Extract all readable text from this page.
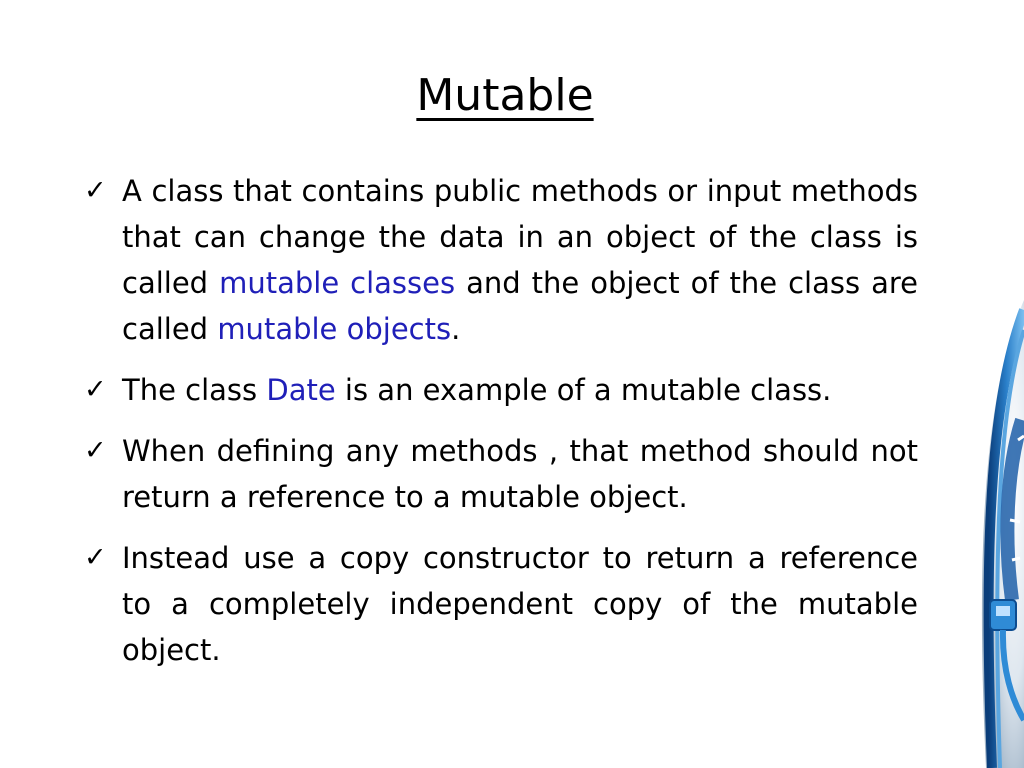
Mutable
✓ A class that contains public methods or input methods that can change the data in an object of the class is called mutable classes and the object of the class are called mutable objects.
✓ The class Date is an example of a mutable class.
✓ When defining any methods , that method should not return a reference to a mutable object.
✓ Instead use a copy constructor to return a reference to a completely independent copy of the mutable object.
